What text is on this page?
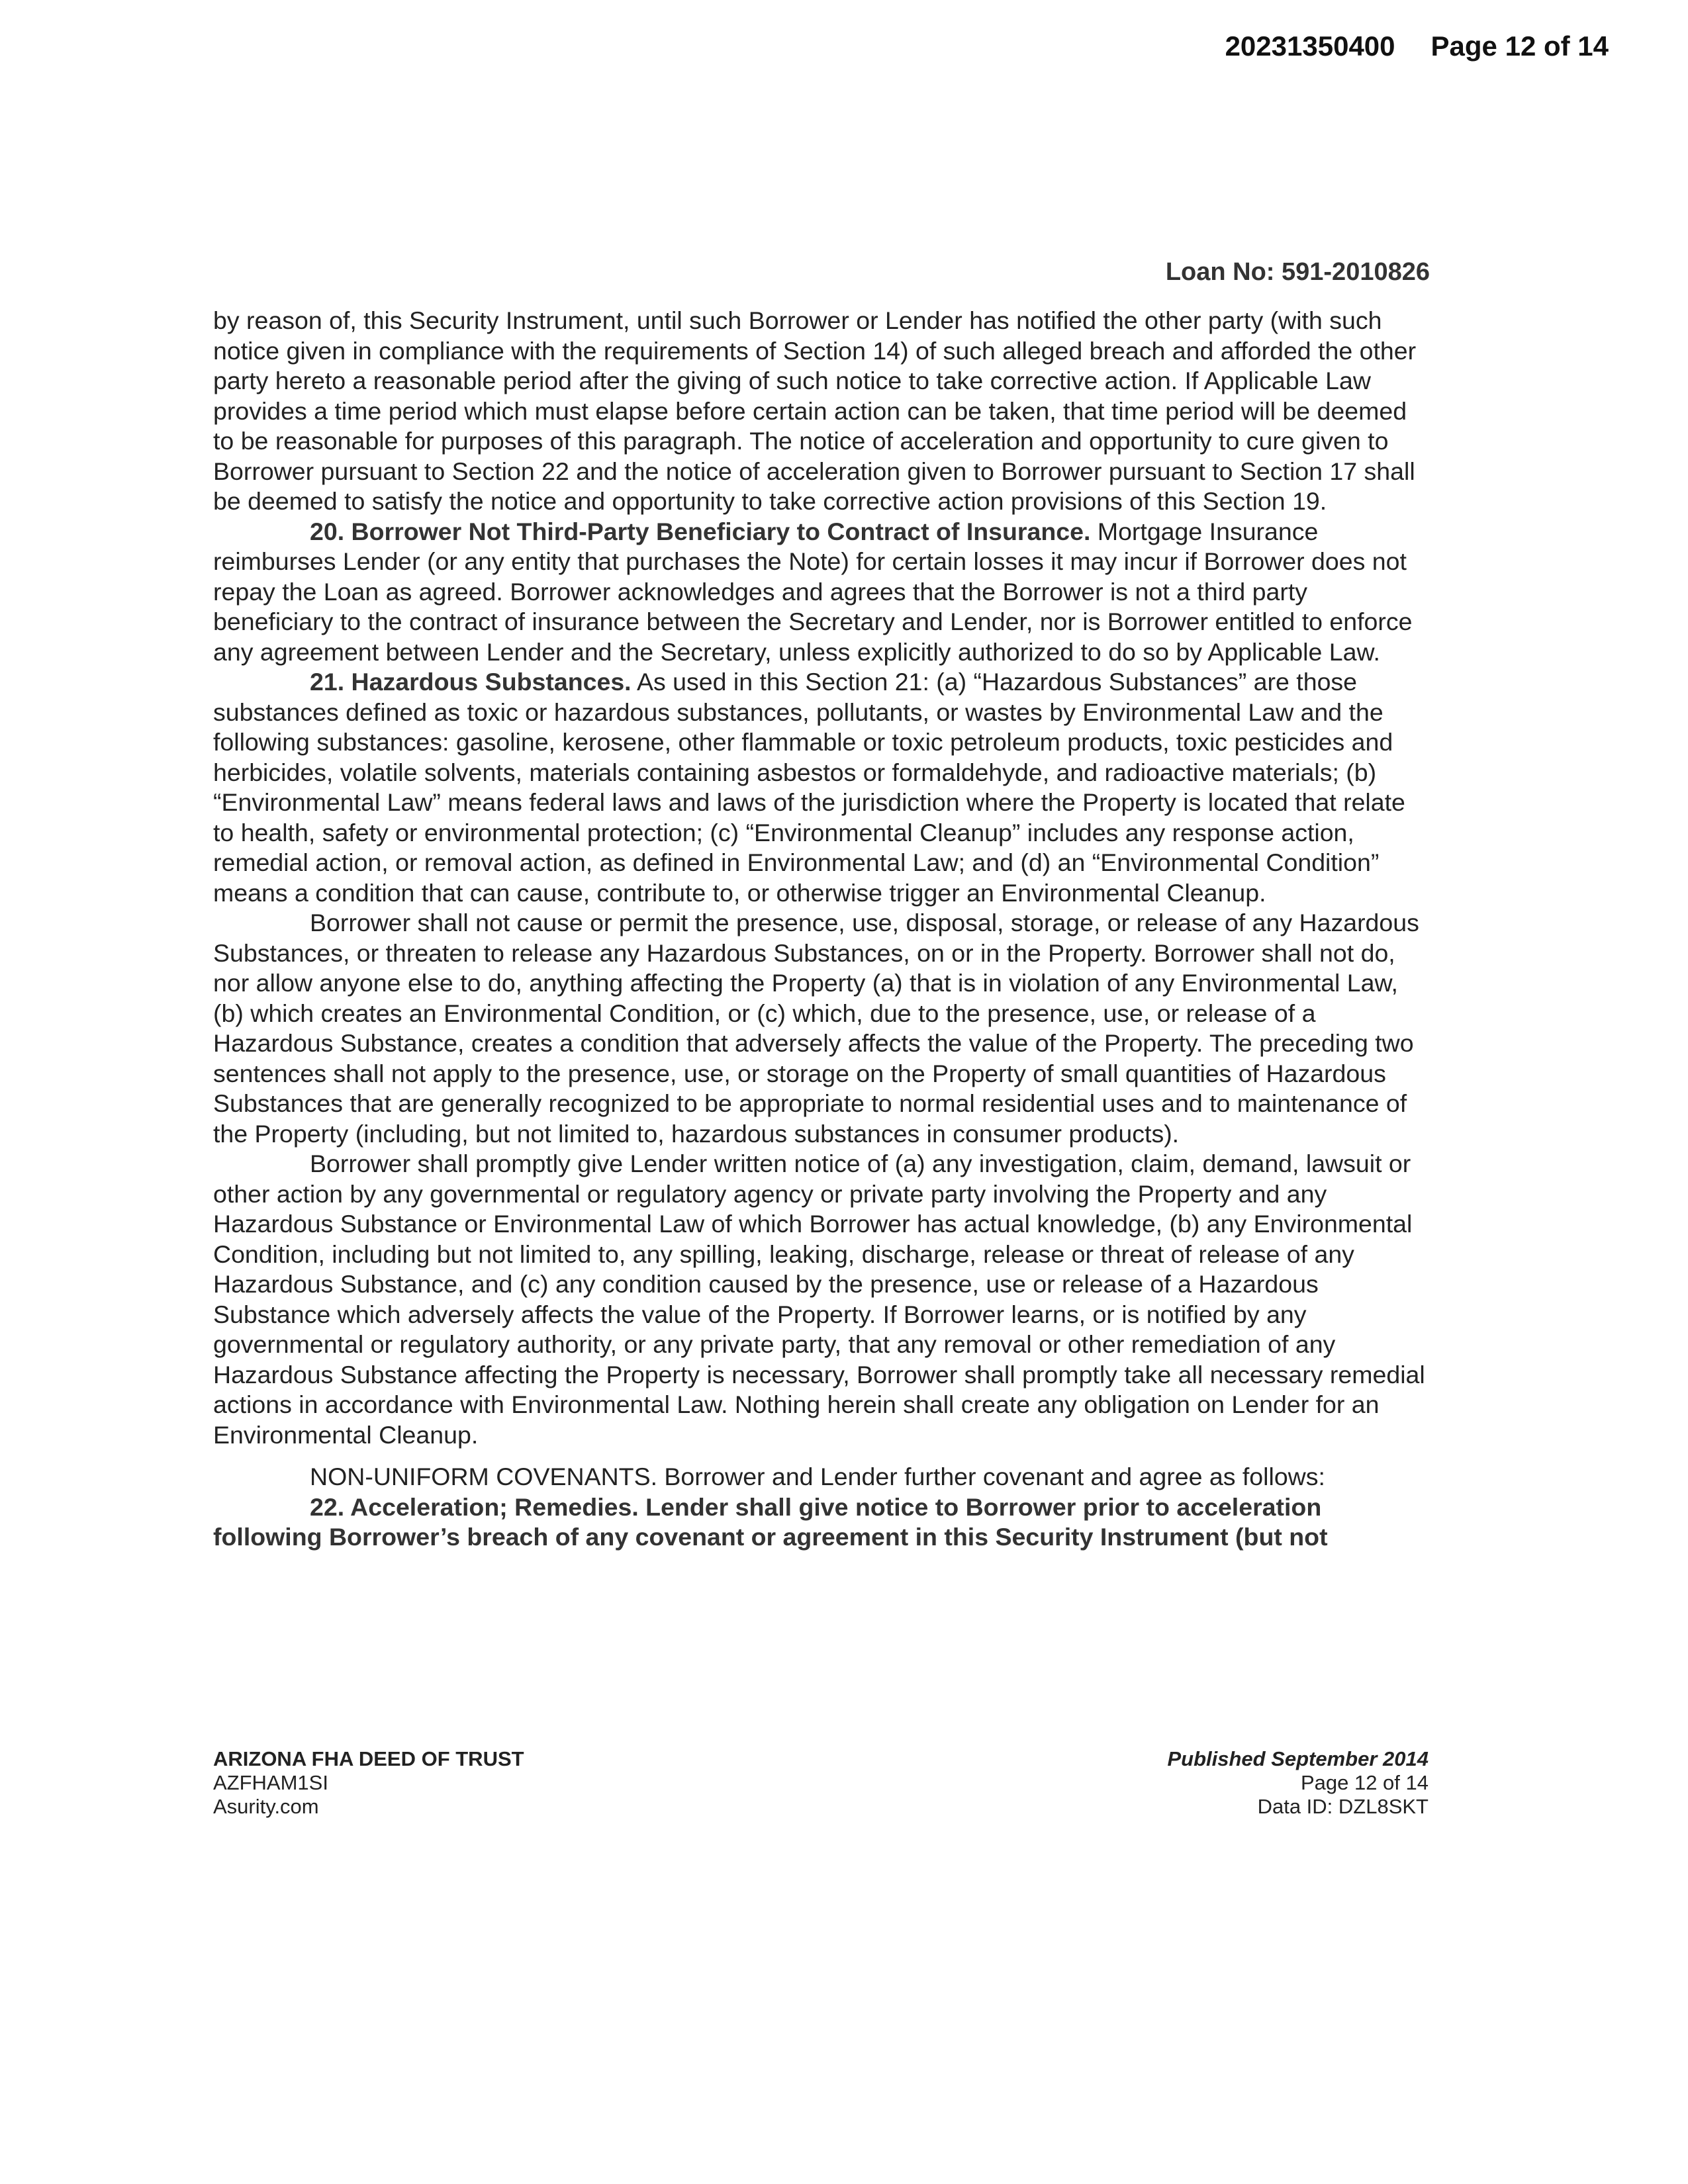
20231350400 Page 12 of 14
Loan No: 591-2010826

by reason of, this Security Instrument, until such Borrower or Lender has notified the other party (with such notice given in compliance with the requirements of Section 14) of such alleged breach and afforded the other party hereto a reasonable period after the giving of such notice to take corrective action. If Applicable Law provides a time period which must elapse before certain action can be taken, that time period will be deemed to be reasonable for purposes of this paragraph. The notice of acceleration and opportunity to cure given to Borrower pursuant to Section 22 and the notice of acceleration given to Borrower pursuant to Section 17 shall be deemed to satisfy the notice and opportunity to take corrective action provisions of this Section 19.

20. Borrower Not Third-Party Beneficiary to Contract of Insurance. Mortgage Insurance reimburses Lender (or any entity that purchases the Note) for certain losses it may incur if Borrower does not repay the Loan as agreed. Borrower acknowledges and agrees that the Borrower is not a third party beneficiary to the contract of insurance between the Secretary and Lender, nor is Borrower entitled to enforce any agreement between Lender and the Secretary, unless explicitly authorized to do so by Applicable Law.

21. Hazardous Substances. As used in this Section 21: (a) “Hazardous Substances” are those substances defined as toxic or hazardous substances, pollutants, or wastes by Environmental Law and the following substances: gasoline, kerosene, other flammable or toxic petroleum products, toxic pesticides and herbicides, volatile solvents, materials containing asbestos or formaldehyde, and radioactive materials; (b) “Environmental Law” means federal laws and laws of the jurisdiction where the Property is located that relate to health, safety or environmental protection; (c) “Environmental Cleanup” includes any response action, remedial action, or removal action, as defined in Environmental Law; and (d) an “Environmental Condition” means a condition that can cause, contribute to, or otherwise trigger an Environmental Cleanup.

Borrower shall not cause or permit the presence, use, disposal, storage, or release of any Hazardous Substances, or threaten to release any Hazardous Substances, on or in the Property. Borrower shall not do, nor allow anyone else to do, anything affecting the Property (a) that is in violation of any Environmental Law, (b) which creates an Environmental Condition, or (c) which, due to the presence, use, or release of a Hazardous Substance, creates a condition that adversely affects the value of the Property. The preceding two sentences shall not apply to the presence, use, or storage on the Property of small quantities of Hazardous Substances that are generally recognized to be appropriate to normal residential uses and to maintenance of the Property (including, but not limited to, hazardous substances in consumer products).

Borrower shall promptly give Lender written notice of (a) any investigation, claim, demand, lawsuit or other action by any governmental or regulatory agency or private party involving the Property and any Hazardous Substance or Environmental Law of which Borrower has actual knowledge, (b) any Environmental Condition, including but not limited to, any spilling, leaking, discharge, release or threat of release of any Hazardous Substance, and (c) any condition caused by the presence, use or release of a Hazardous Substance which adversely affects the value of the Property. If Borrower learns, or is notified by any governmental or regulatory authority, or any private party, that any removal or other remediation of any Hazardous Substance affecting the Property is necessary, Borrower shall promptly take all necessary remedial actions in accordance with Environmental Law. Nothing herein shall create any obligation on Lender for an Environmental Cleanup.

NON-UNIFORM COVENANTS. Borrower and Lender further covenant and agree as follows:

22. Acceleration; Remedies. Lender shall give notice to Borrower prior to acceleration following Borrower’s breach of any covenant or agreement in this Security Instrument (but not

ARIZONA FHA DEED OF TRUST
AZFHAM1SI
Asurity.com
Published September 2014
Page 12 of 14
Data ID: DZL8SKT
